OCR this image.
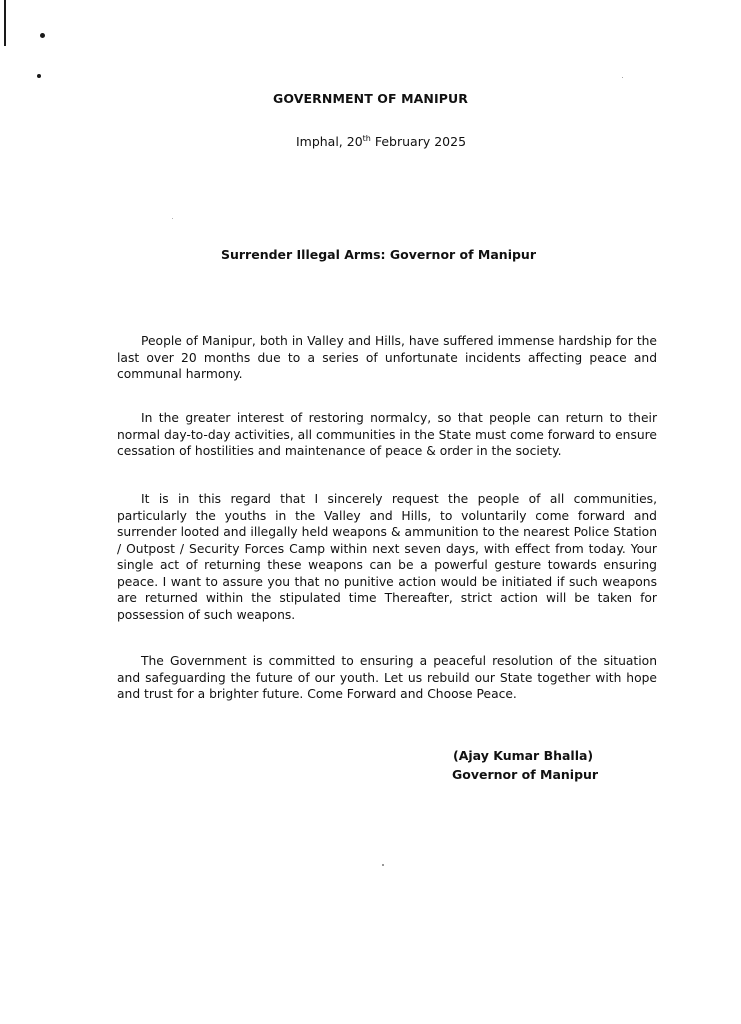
GOVERNMENT OF MANIPUR
Imphal, 20th February 2025
Surrender Illegal Arms: Governor of Manipur
People of Manipur, both in Valley and Hills, have suffered immense hardship for the last over 20 months due to a series of unfortunate incidents affecting peace and communal harmony.
In the greater interest of restoring normalcy, so that people can return to their normal day-to-day activities, all communities in the State must come forward to ensure cessation of hostilities and maintenance of peace & order in the society.
It is in this regard that I sincerely request the people of all communities, particularly the youths in the Valley and Hills, to voluntarily come forward and surrender looted and illegally held weapons & ammunition to the nearest Police Station / Outpost / Security Forces Camp within next seven days, with effect from today. Your single act of returning these weapons can be a powerful gesture towards ensuring peace. I want to assure you that no punitive action would be initiated if such weapons are returned within the stipulated time Thereafter, strict action will be taken for possession of such weapons.
The Government is committed to ensuring a peaceful resolution of the situation and safeguarding the future of our youth. Let us rebuild our State together with hope and trust for a brighter future. Come Forward and Choose Peace.
(Ajay Kumar Bhalla)
Governor of Manipur
